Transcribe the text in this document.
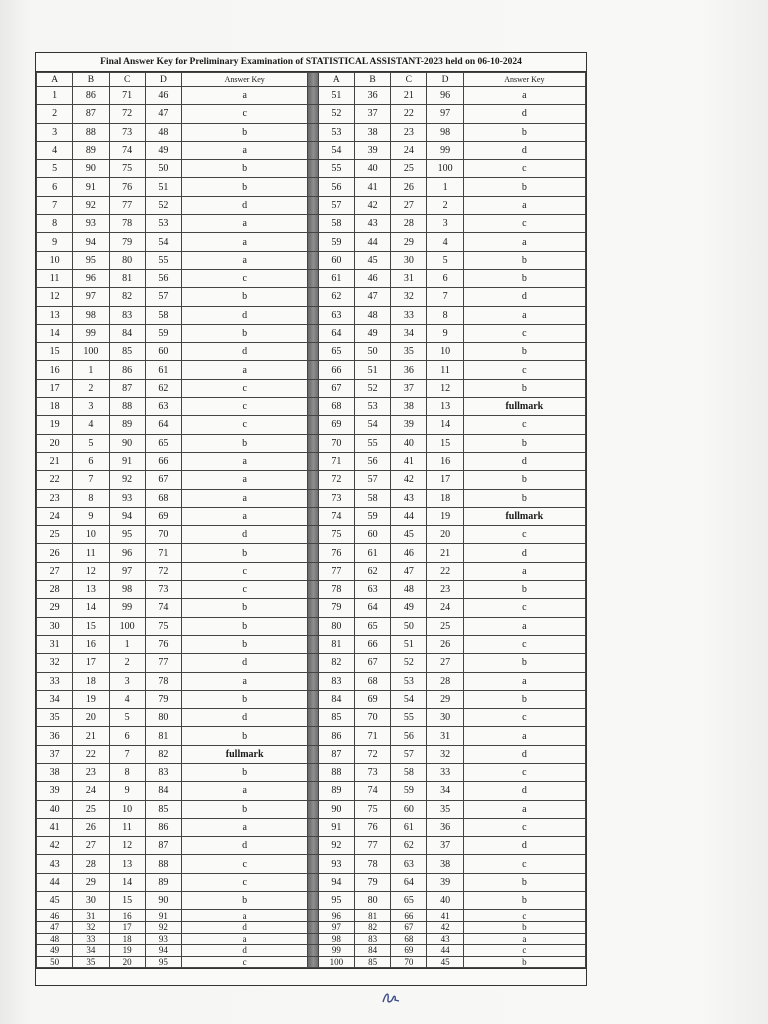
Final Answer Key for Preliminary Examination of STATISTICAL ASSISTANT-2023 held on 06-10-2024
A	B	C	D	Answer Key		A	B	C	D	Answer Key
1	86	71	46	a		51	36	21	96	a
2	87	72	47	c		52	37	22	97	d
3	88	73	48	b		53	38	23	98	b
4	89	74	49	a		54	39	24	99	d
5	90	75	50	b		55	40	25	100	c
6	91	76	51	b		56	41	26	1	b
7	92	77	52	d		57	42	27	2	a
8	93	78	53	a		58	43	28	3	c
9	94	79	54	a		59	44	29	4	a
10	95	80	55	a		60	45	30	5	b
11	96	81	56	c		61	46	31	6	b
12	97	82	57	b		62	47	32	7	d
13	98	83	58	d		63	48	33	8	a
14	99	84	59	b		64	49	34	9	c
15	100	85	60	d		65	50	35	10	b
16	1	86	61	a		66	51	36	11	c
17	2	87	62	c		67	52	37	12	b
18	3	88	63	c		68	53	38	13	fullmark
19	4	89	64	c		69	54	39	14	c
20	5	90	65	b		70	55	40	15	b
21	6	91	66	a		71	56	41	16	d
22	7	92	67	a		72	57	42	17	b
23	8	93	68	a		73	58	43	18	b
24	9	94	69	a		74	59	44	19	fullmark
25	10	95	70	d		75	60	45	20	c
26	11	96	71	b		76	61	46	21	d
27	12	97	72	c		77	62	47	22	a
28	13	98	73	c		78	63	48	23	b
29	14	99	74	b		79	64	49	24	c
30	15	100	75	b		80	65	50	25	a
31	16	1	76	b		81	66	51	26	c
32	17	2	77	d		82	67	52	27	b
33	18	3	78	a		83	68	53	28	a
34	19	4	79	b		84	69	54	29	b
35	20	5	80	d		85	70	55	30	c
36	21	6	81	b		86	71	56	31	a
37	22	7	82	fullmark		87	72	57	32	d
38	23	8	83	b		88	73	58	33	c
39	24	9	84	a		89	74	59	34	d
40	25	10	85	b		90	75	60	35	a
41	26	11	86	a		91	76	61	36	c
42	27	12	87	d		92	77	62	37	d
43	28	13	88	c		93	78	63	38	c
44	29	14	89	c		94	79	64	39	b
45	30	15	90	b		95	80	65	40	b
46	31	16	91	a		96	81	66	41	c
47	32	17	92	d		97	82	67	42	b
48	33	18	93	a		98	83	68	43	a
49	34	19	94	d		99	84	69	44	c
50	35	20	95	c		100	85	70	45	b
